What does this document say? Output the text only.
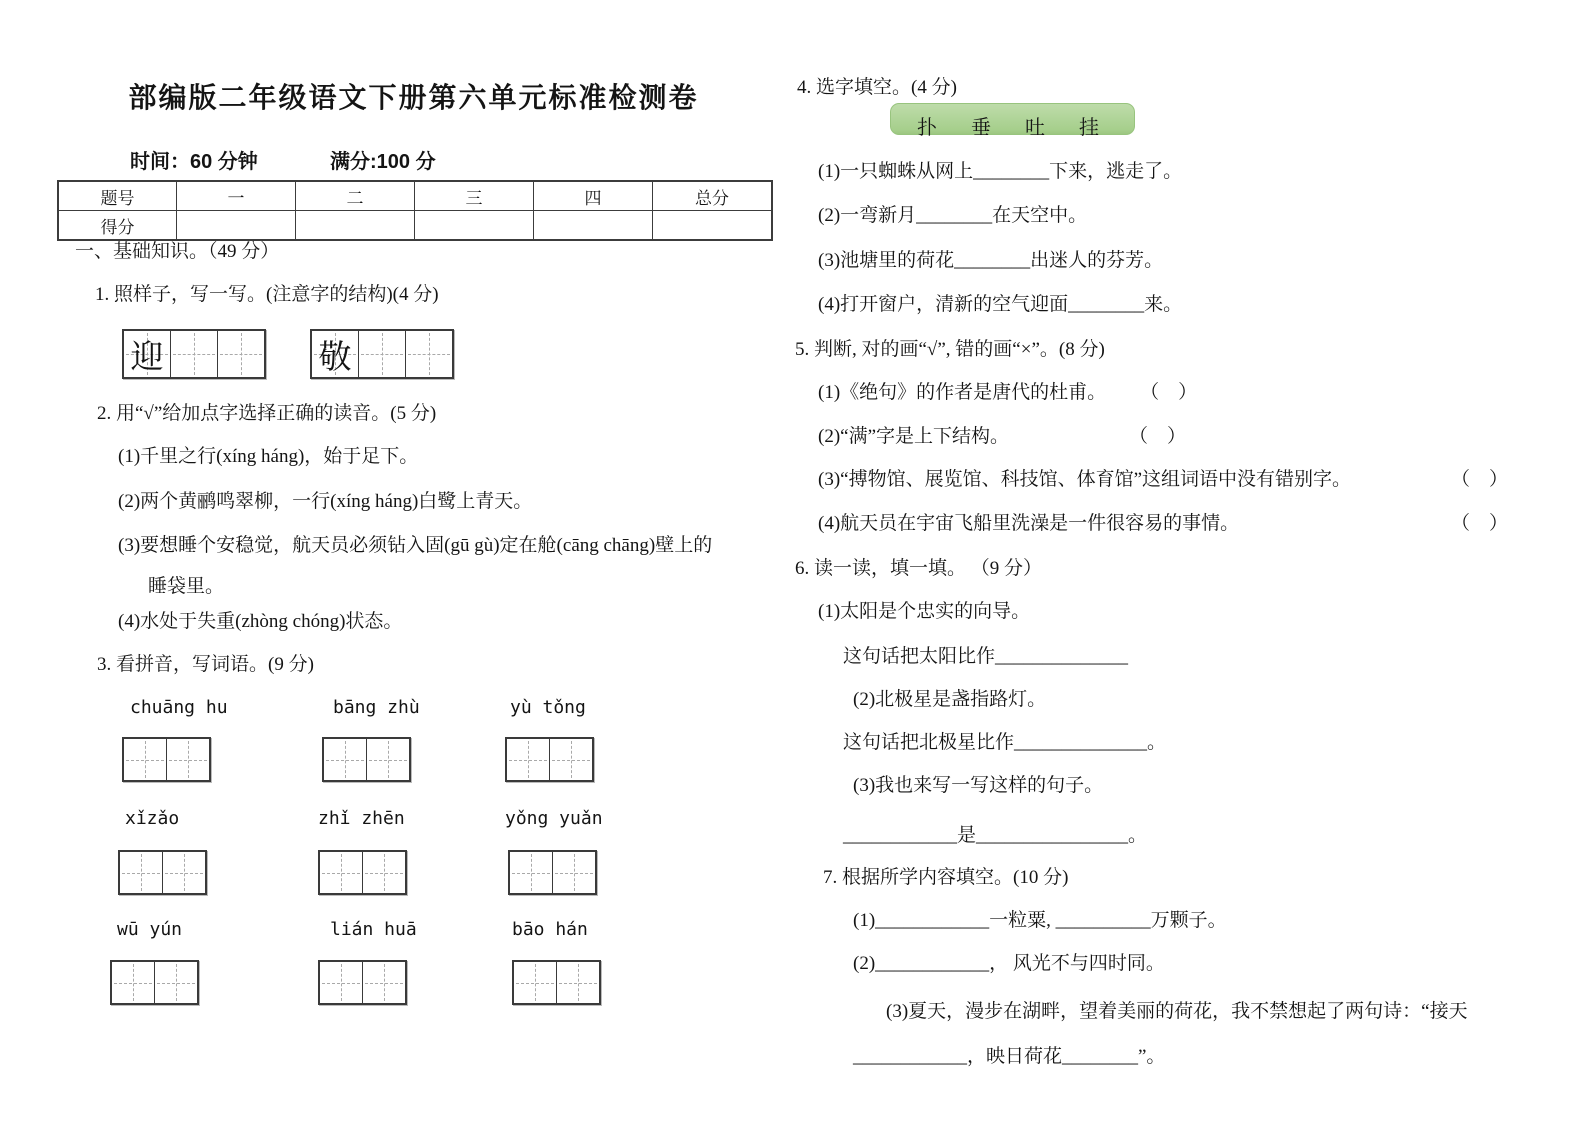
部编版二年级语文下册第六单元标准检测卷
时间：60 分钟	满分:100 分
题号	一	二	三	四	总分
得分					
一、基础知识。（49 分）
1. 照样子，写一写。(注意字的结构)(4 分)
迎	敬
2. 用“√”给加点字选择正确的读音。(5 分)
(1)千里之行(xíng háng)，始于足下。
(2)两个黄鹂鸣翠柳，一行(xíng háng)白鹭上青天。
(3)要想睡个安稳觉，航天员必须钻入固(gū gù)定在舱(cāng chāng)壁上的
睡袋里。
(4)水处于失重(zhòng chóng)状态。
3. 看拼音，写词语。(9 分)
chuāng hu	bāng zhù	yù tǒng
xǐzǎo	zhǐ zhēn	yǒng yuǎn
wū yún	lián huā	bāo hán
4. 选字填空。(4 分)
扑　垂　吐　挂
(1)一只蜘蛛从网上________下来，逃走了。
(2)一弯新月________在天空中。
(3)池塘里的荷花________出迷人的芬芳。
(4)打开窗户，清新的空气迎面________来。
5. 判断, 对的画“√”, 错的画“×”。(8 分)
(1)《绝句》的作者是唐代的杜甫。 （　）
(2)“满”字是上下结构。	（　）
(3)“搏物馆、展览馆、科技馆、体育馆”这组词语中没有错别字。	（　）
(4)航天员在宇宙飞船里洗澡是一件很容易的事情。	（　）
6. 读一读，填一填。 （9 分）
(1)太阳是个忠实的向导。
这句话把太阳比作______________
(2)北极星是盏指路灯。
这句话把北极星比作______________。
(3)我也来写一写这样的句子。
____________是________________。
7. 根据所学内容填空。(10 分)
(1)____________一粒粟, __________万颗子。
(2)____________， 风光不与四时同。
(3)夏天，漫步在湖畔，望着美丽的荷花，我不禁想起了两句诗：“接天
____________，映日荷花________”。
